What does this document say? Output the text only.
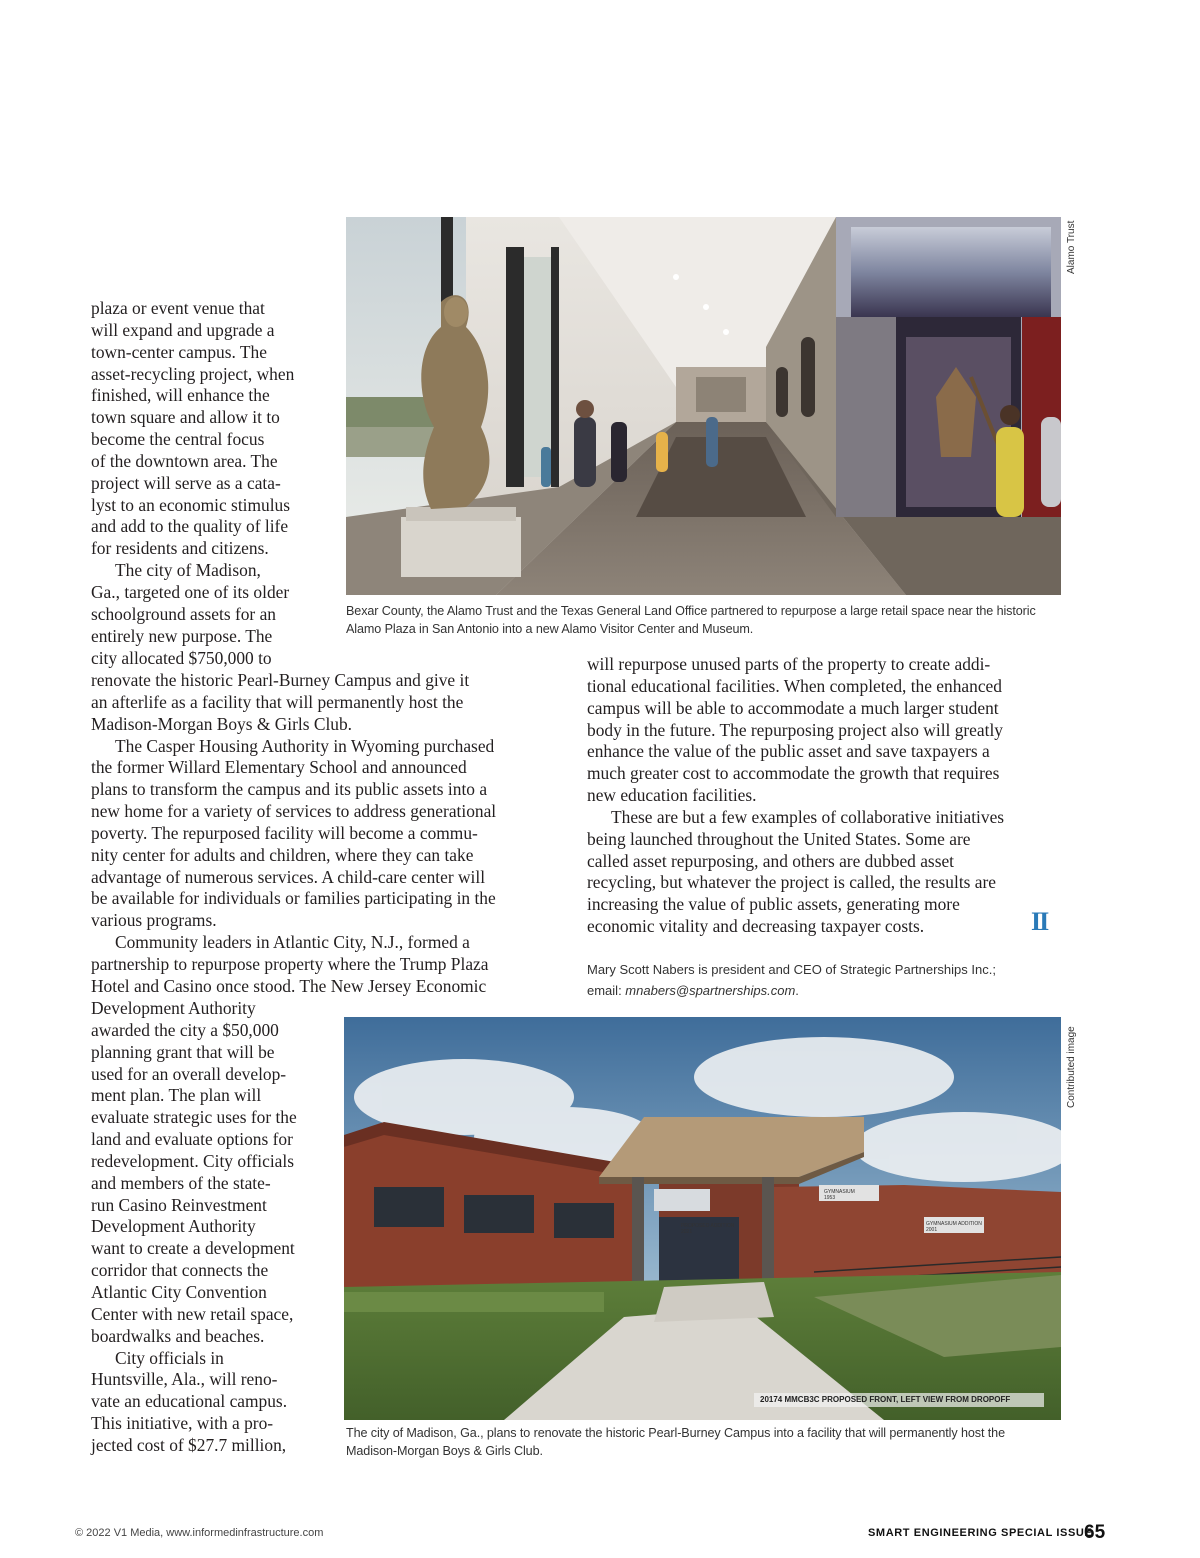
Alamo Trust
Bexar County, the Alamo Trust and the Texas General Land Office partnered to repurpose a large retail space near the historic
Alamo Plaza in San Antonio into a new Alamo Visitor Center and Museum.
plaza or event venue that
will expand and upgrade a
town-center campus. The
asset-recycling project, when
finished, will enhance the
town square and allow it to
become the central focus
of the downtown area. The
project will serve as a cata-
lyst to an economic stimulus
and add to the quality of life
for residents and citizens.
The city of Madison,
Ga., targeted one of its older
schoolground assets for an
entirely new purpose. The
city allocated $750,000 to
renovate the historic Pearl-Burney Campus and give it
an afterlife as a facility that will permanently host the
Madison-Morgan Boys & Girls Club.
The Casper Housing Authority in Wyoming purchased
the former Willard Elementary School and announced
plans to transform the campus and its public assets into a
new home for a variety of services to address generational
poverty. The repurposed facility will become a commu-
nity center for adults and children, where they can take
advantage of numerous services. A child-care center will
be available for individuals or families participating in the
various programs.
Community leaders in Atlantic City, N.J., formed a
partnership to repurpose property where the Trump Plaza
Hotel and Casino once stood. The New Jersey Economic
Development Authority
awarded the city a $50,000
planning grant that will be
used for an overall develop-
ment plan. The plan will
evaluate strategic uses for the
land and evaluate options for
redevelopment. City officials
and members of the state-
run Casino Reinvestment
Development Authority
want to create a development
corridor that connects the
Atlantic City Convention
Center with new retail space,
boardwalks and beaches.
City officials in
Huntsville, Ala., will reno-
vate an educational campus.
This initiative, with a pro-
jected cost of $27.7 million,
will repurpose unused parts of the property to create addi-
tional educational facilities. When completed, the enhanced
campus will be able to accommodate a much larger student
body in the future. The repurposing project also will greatly
enhance the value of the public asset and save taxpayers a
much greater cost to accommodate the growth that requires
new education facilities.
These are but a few examples of collaborative initiatives
being launched throughout the United States. Some are
called asset repurposing, and others are dubbed asset
recycling, but whatever the project is called, the results are
increasing the value of public assets, generating more
economic vitality and decreasing taxpayer costs.	II
Mary Scott Nabers is president and CEO of Strategic Partnerships Inc.;
email: mnabers@spartnerships.com.
20174 MMCB3C PROPOSED FRONT, LEFT VIEW FROM DROPOFF
PROPOSED ADDITION
2021
GYMNASIUM
1953
GYMNASIUM ADDITION
2001
Contributed image
The city of Madison, Ga., plans to renovate the historic Pearl-Burney Campus into a facility that will permanently host the
Madison-Morgan Boys & Girls Club.
© 2022 V1 Media, www.informedinfrastructure.com	SMART ENGINEERING SPECIAL ISSUE
65
